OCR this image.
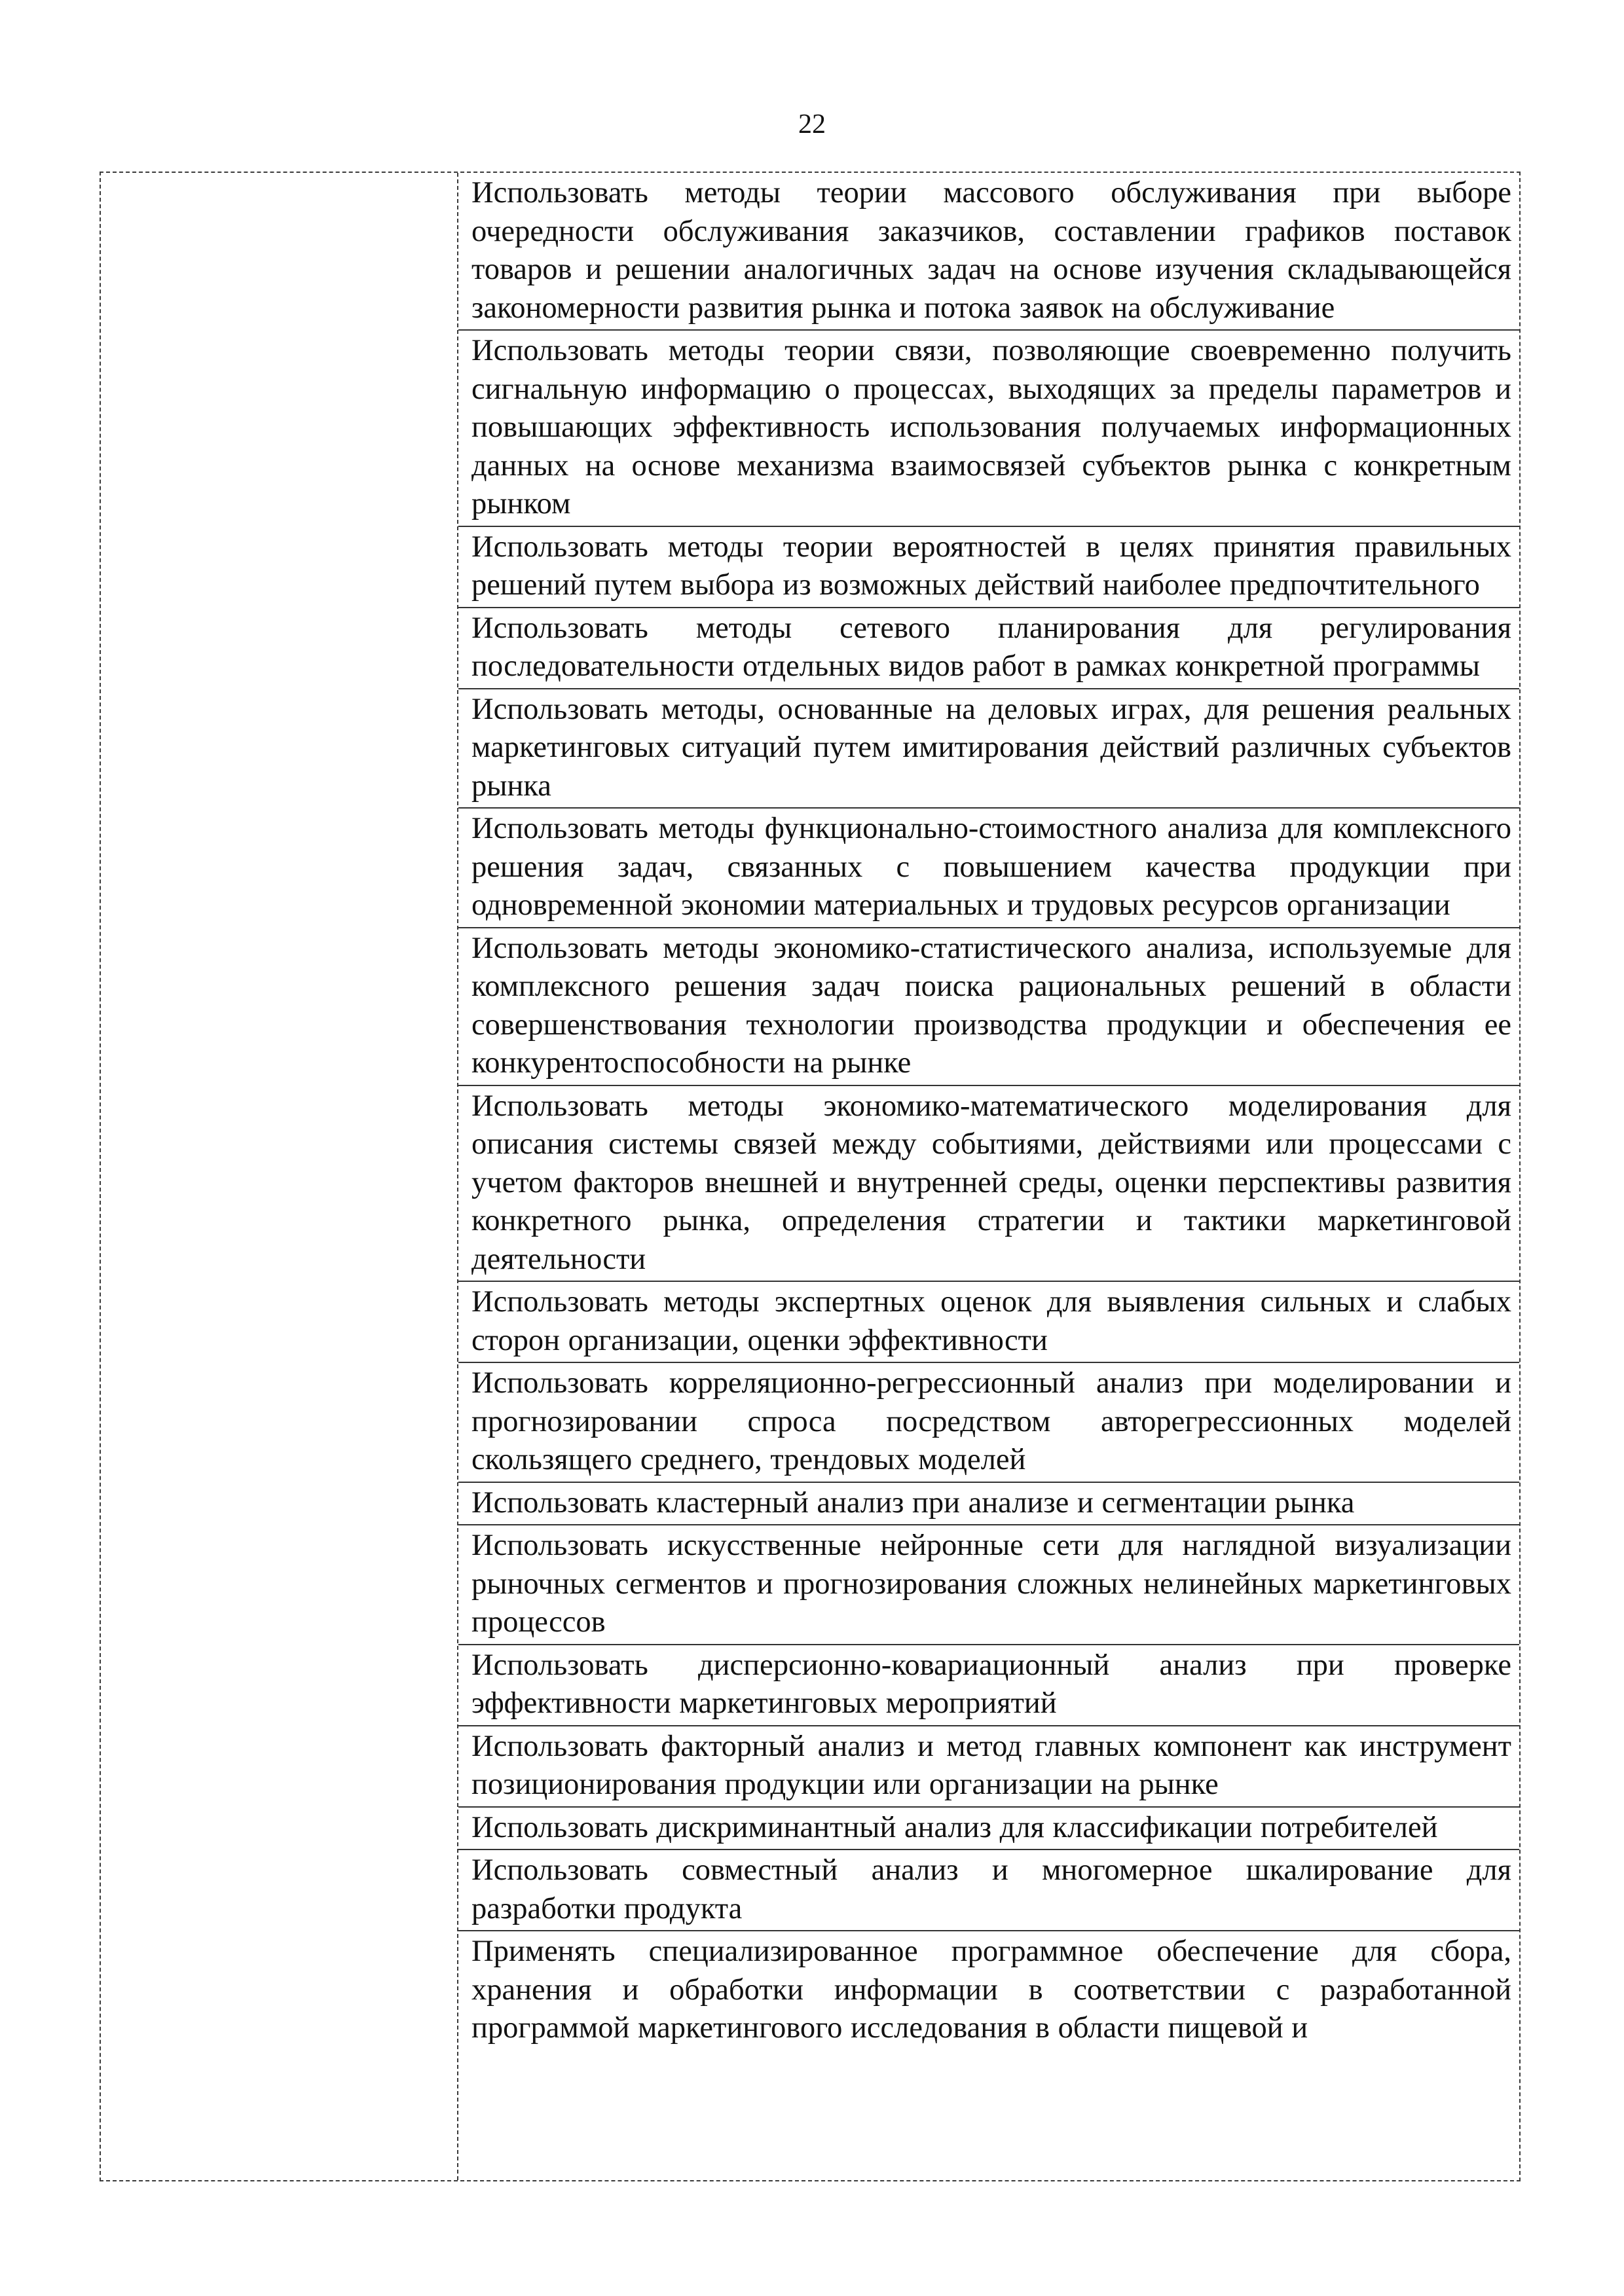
22
Использовать методы теории массового обслуживания при выборе очередности обслуживания заказчиков, составлении графиков поставок товаров и решении аналогичных задач на основе изучения складывающейся закономерности развития рынка и потока заявок на обслуживание
Использовать методы теории связи, позволяющие своевременно получить сигнальную информацию о процессах, выходящих за пределы параметров и повышающих эффективность использования получаемых информационных данных на основе механизма взаимосвязей субъектов рынка с конкретным рынком
Использовать методы теории вероятностей в целях принятия правильных решений путем выбора из возможных действий наиболее предпочтительного
Использовать методы сетевого планирования для регулирования последовательности отдельных видов работ в рамках конкретной программы
Использовать методы, основанные на деловых играх, для решения реальных маркетинговых ситуаций путем имитирования действий различных субъектов рынка
Использовать методы функционально-стоимостного анализа для комплексного решения задач, связанных с повышением качества продукции при одновременной экономии материальных и трудовых ресурсов организации
Использовать методы экономико-статистического анализа, используемые для комплексного решения задач поиска рациональных решений в области совершенствования технологии производства продукции и обеспечения ее конкурентоспособности на рынке
Использовать методы экономико-математического моделирования для описания системы связей между событиями, действиями или процессами с учетом факторов внешней и внутренней среды, оценки перспективы развития конкретного рынка, определения стратегии и тактики маркетинговой деятельности
Использовать методы экспертных оценок для выявления сильных и слабых сторон организации, оценки эффективности
Использовать корреляционно-регрессионный анализ при моделировании и прогнозировании спроса посредством авторегрессионных моделей скользящего среднего, трендовых моделей
Использовать кластерный анализ при анализе и сегментации рынка
Использовать искусственные нейронные сети для наглядной визуализации рыночных сегментов и прогнозирования сложных нелинейных маркетинговых процессов
Использовать дисперсионно-ковариационный анализ при проверке эффективности маркетинговых мероприятий
Использовать факторный анализ и метод главных компонент как инструмент позиционирования продукции или организации на рынке
Использовать дискриминантный анализ для классификации потребителей
Использовать совместный анализ и многомерное шкалирование для разработки продукта
Применять специализированное программное обеспечение для сбора, хранения и обработки информации в соответствии с разработанной программой маркетингового исследования в области пищевой и
